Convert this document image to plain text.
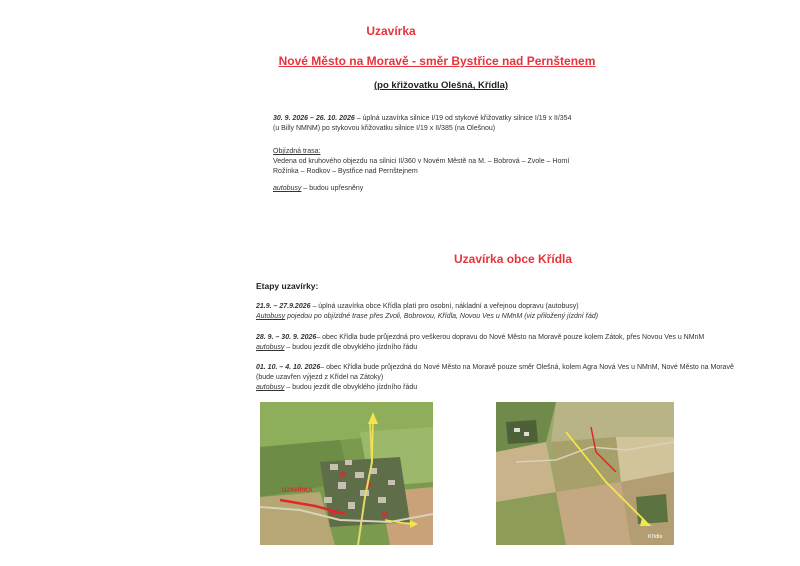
Uzavírka
Nové Město na Moravě - směr Bystřice nad Pernštenem
(po křižovatku Olešná, Křídla)
30. 9. 2026 – 26. 10. 2026 – úplná uzavírka silnice I/19 od stykové křižovatky silnice I/19 x II/354
(u Billy NMNM) po stykovou křižovatku silnice I/19 x II/385 (na Olešnou)
Objízdná trasa:
Vedena od kruhového objezdu na silnici II/360 v Novém Městě na M. – Bobrová – Zvole – Horní
Rožínka – Rodkov – Bystřice nad Pernštejnem
autobusy – budou upřesněny
Uzavírka obce Křídla
Etapy uzavírky:
21.9. – 27.9.2026 – úplná uzavírka obce Křídla platí pro osobní, nákladní a veřejnou dopravu (autobusy)
Autobusy pojedou po objízdné trase přes Zvoli, Bobrovou, Křídla, Novou Ves u NMnM (viz přiložený jízdní řád)
28. 9. – 30. 9. 2026– obec Křídla bude průjezdná pro veškerou dopravu do Nové Město na Moravě pouze kolem Zátok, přes Novou Ves u NMnM
autobusy – budou jezdit dle obvyklého jízdního řádu
01. 10. – 4. 10. 2026– obec Křídla bude průjezdná do Nové Město na Moravě pouze směr Olešná, kolem Agra Nová Ves u NMnM, Nové Město na Moravě
(bude uzavřen výjezd z Křídel na Zátoky)
autobusy – budou jezdit dle obvyklého jízdního řádu
UZAVÍRKA
Křídla
